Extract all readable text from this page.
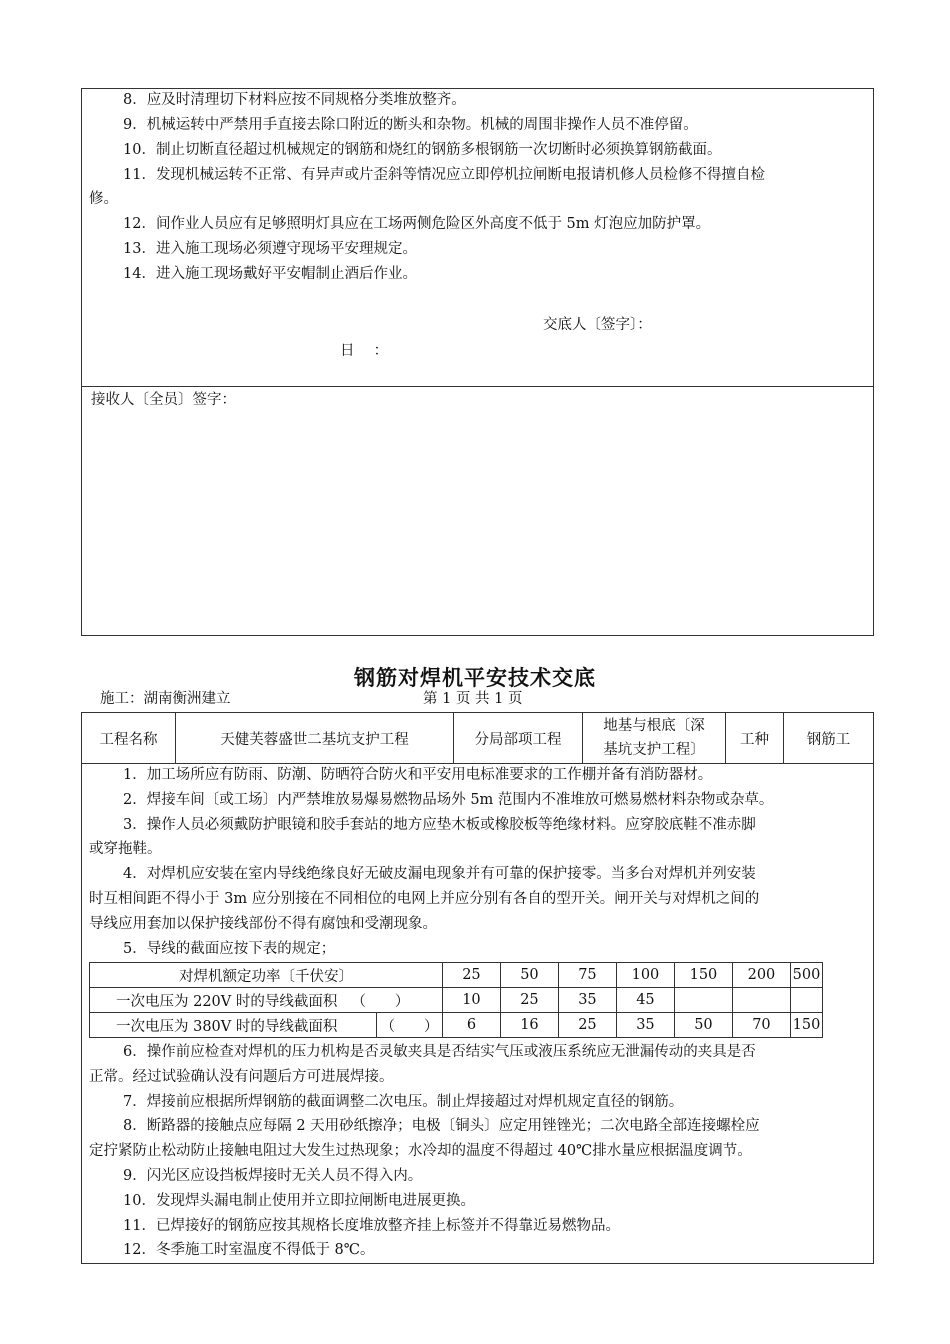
8．应及时清理切下材料应按不同规格分类堆放整齐。
9．机械运转中严禁用手直接去除口附近的断头和杂物。机械的周围非操作人员不准停留。
10．制止切断直径超过机械规定的钢筋和烧红的钢筋多根钢筋一次切断时必须换算钢筋截面。
11．发现机械运转不正常、有异声或片歪斜等情况应立即停机拉闸断电报请机修人员检修不得擅自检
修。
12．间作业人员应有足够照明灯具应在工场两侧危险区外高度不低于 5m 灯泡应加防护罩。
13．进入施工现场必须遵守现场平安理规定。
14．进入施工现场戴好平安帽制止酒后作业。
交底人〔签字〕：
日　 ：
接收人〔全员〕签字：
钢筋对焊机平安技术交底
施工：湖南衡洲建立	第 1 页 共 1 页
工程名称	天健芙蓉盛世二基坑支护工程	分局部项工程	
地基与根底〔深
基坑支护工程〕
	工种	钢筋工
1．加工场所应有防雨、防潮、防晒符合防火和平安用电标准要求的工作棚并备有消防器材。
2．焊接车间〔或工场〕内严禁堆放易爆易燃物品场外 5m 范围内不准堆放可燃易燃材料杂物或杂草。
3．操作人员必须戴防护眼镜和胶手套站的地方应垫木板或橡胶板等绝缘材料。应穿胶底鞋不准赤脚
或穿拖鞋。
4．对焊机应安装在室内导线绝缘良好无破皮漏电现象并有可靠的保护接零。当多台对焊机并列安装
时互相间距不得小于 3m 应分别接在不同相位的电网上并应分别有各自的型开关。闸开关与对焊机之间的
导线应用套加以保护接线部份不得有腐蚀和受潮现象。
5．导线的截面应按下表的规定；
对焊机额定功率〔千伏安〕		25	50	75	100	150	200	500
一次电压为 220V 时的导线截面积 （　　）		10	25	35	45			
一次电压为 380V 时的导线截面积	（　　）	6	16	25	35	50	70	150
6．操作前应检查对焊机的压力机构是否灵敏夹具是否结实气压或液压系统应无泄漏传动的夹具是否
正常。经过试验确认没有问题后方可进展焊接。
7．焊接前应根据所焊钢筋的截面调整二次电压。制止焊接超过对焊机规定直径的钢筋。
8．断路器的接触点应每隔 2 天用砂纸擦净；电极〔铜头〕应定用锉锉光；二次电路全部连接螺栓应
定拧紧防止松动防止接触电阻过大发生过热现象；水冷却的温度不得超过 40℃排水量应根据温度调节。
9．闪光区应设挡板焊接时无关人员不得入内。
10．发现焊头漏电制止使用并立即拉闸断电进展更换。
11．已焊接好的钢筋应按其规格长度堆放整齐挂上标签并不得靠近易燃物品。
12．冬季施工时室温度不得低于 8℃。
